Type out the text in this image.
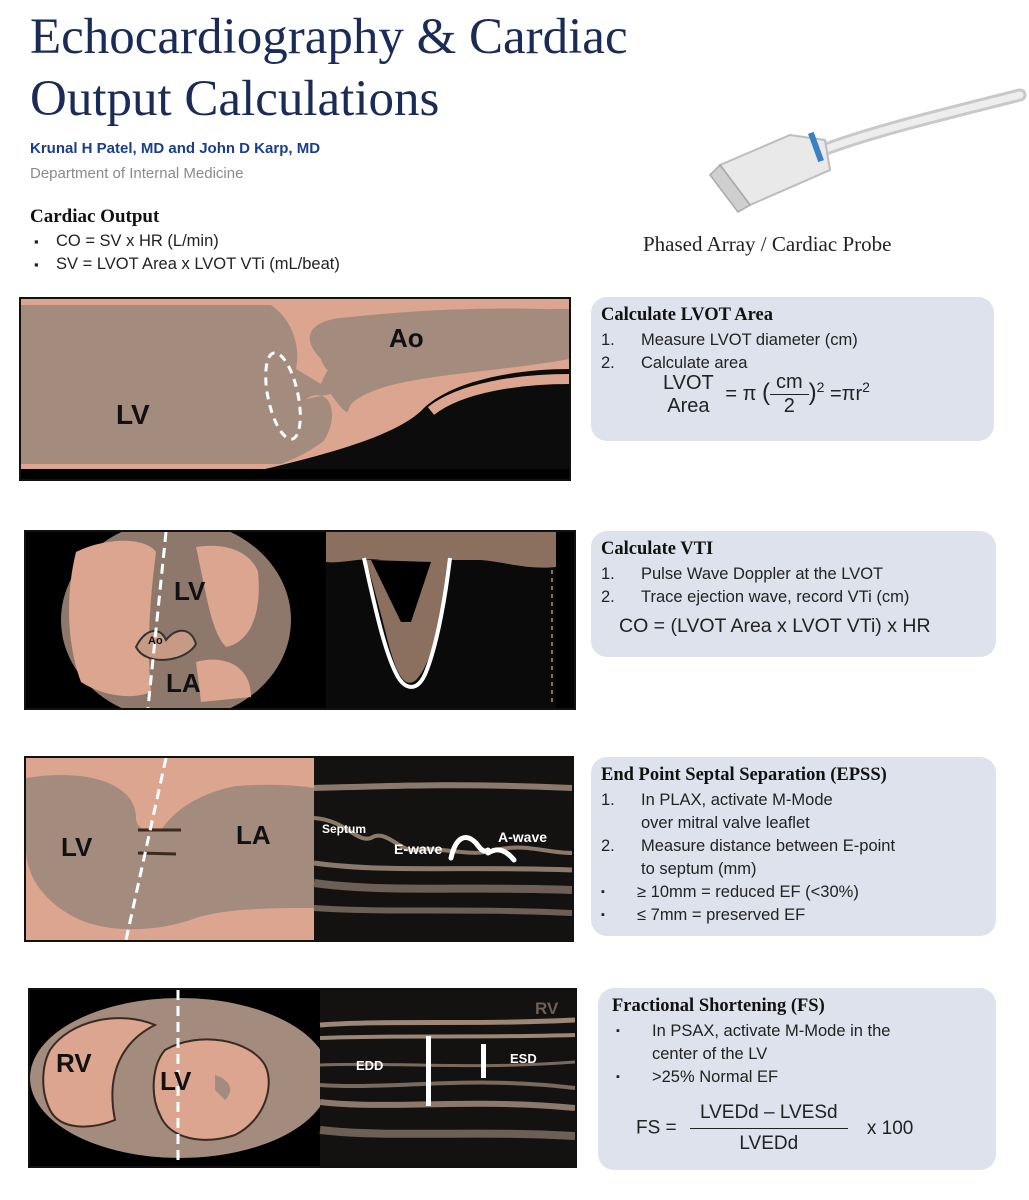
Echocardiography & Cardiac
Output Calculations
Krunal H Patel, MD and John D Karp, MD
Department of Internal Medicine
Cardiac Output
▪ CO = SV x HR (L/min)
▪ SV = LVOT Area x LVOT VTi (mL/beat)
Phased Array / Cardiac Probe
LV
Ao
Calculate LVOT Area
1. Measure LVOT diameter (cm)
2. Calculate area
LVOT
Area
= π ( $\frac{cm}{2} )^2 =\pi r^2$
LV
LA
Ao
Calculate VTI
1. Pulse Wave Doppler at the LVOT
2. Trace ejection wave, record VTi (cm)
CO = (LVOT Area x LVOT VTi) x HR
LV	LA	Septum
E-wave
A-wave
End Point Septal Separation (EPSS)
1. In PLAX, activate M-Mode
over mitral valve leaflet
2. Measure distance between E-point
to septum (mm)
▪ ≥ 10mm = reduced EF (<30%)
▪ ≤ 7mm = preserved EF
RV
LV
EDD	ESD
RV	Fractional Shortening (FS)
▪ In PSAX, activate M-Mode in the
center of the LV
▪ >25% Normal EF
FS = $\frac{\text{LVEDd – LVESd}}{\text{LVEDd}}$ x 100
